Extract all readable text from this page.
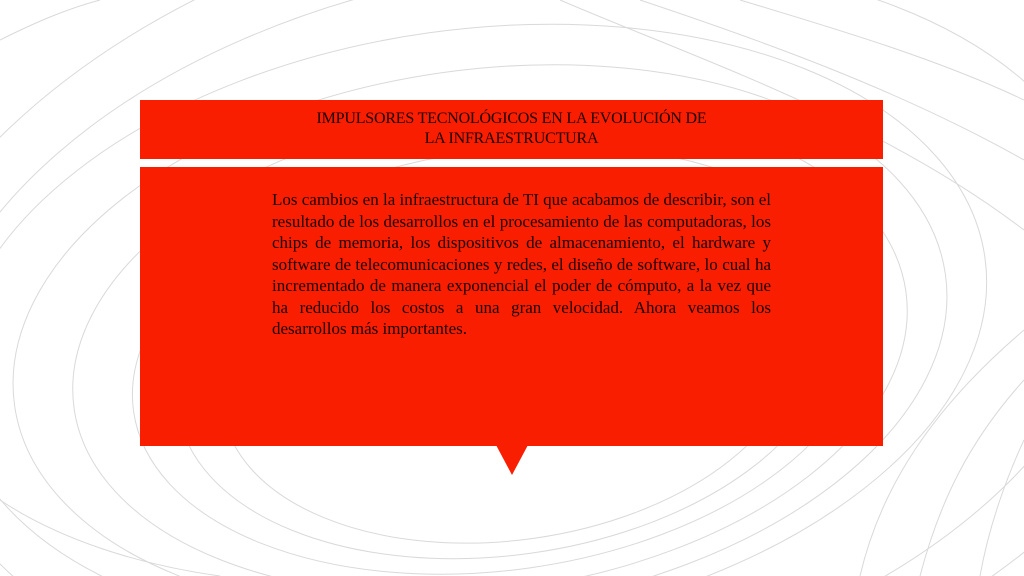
IMPULSORES TECNOLÓGICOS EN LA EVOLUCIÓN DE
LA INFRAESTRUCTURA

Los cambios en la infraestructura de TI que acabamos de describir, son el resultado de los desarrollos en el procesamiento de las computadoras, los chips de memoria, los dispositivos de almacenamiento, el hardware y software de telecomunicaciones y redes, el diseño de software, lo cual ha incrementado de manera exponencial el poder de cómputo, a la vez que ha reducido los costos a una gran velocidad. Ahora veamos los desarrollos más importantes.
